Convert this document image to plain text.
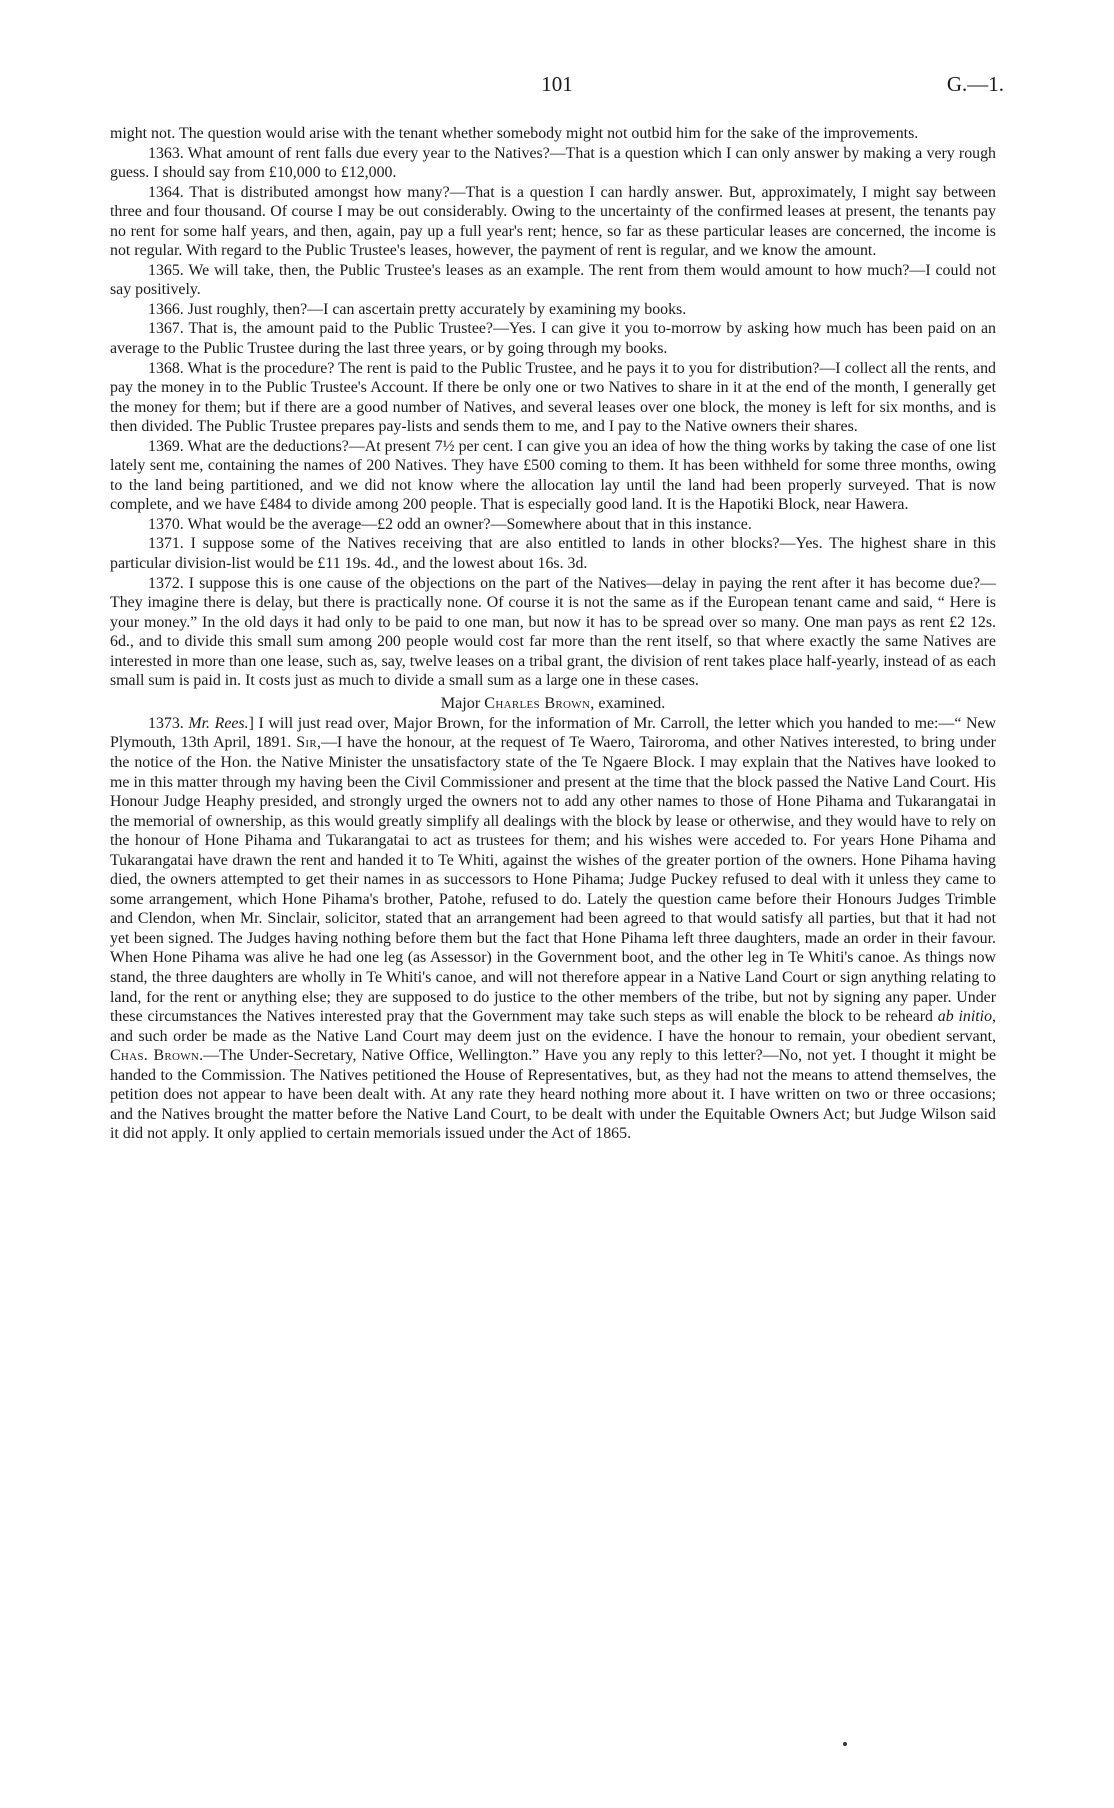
101	G.—1.

might not. The question would arise with the tenant whether somebody might not outbid him for the sake of the improvements.

1363. What amount of rent falls due every year to the Natives?—That is a question which I can only answer by making a very rough guess. I should say from £10,000 to £12,000.

1364. That is distributed amongst how many?—That is a question I can hardly answer. But, approximately, I might say between three and four thousand. Of course I may be out considerably. Owing to the uncertainty of the confirmed leases at present, the tenants pay no rent for some half years, and then, again, pay up a full year's rent; hence, so far as these particular leases are concerned, the income is not regular. With regard to the Public Trustee's leases, however, the payment of rent is regular, and we know the amount.

1365. We will take, then, the Public Trustee's leases as an example. The rent from them would amount to how much?—I could not say positively.

1366. Just roughly, then?—I can ascertain pretty accurately by examining my books.

1367. That is, the amount paid to the Public Trustee?—Yes. I can give it you to-morrow by asking how much has been paid on an average to the Public Trustee during the last three years, or by going through my books.

1368. What is the procedure? The rent is paid to the Public Trustee, and he pays it to you for distribution?—I collect all the rents, and pay the money in to the Public Trustee's Account. If there be only one or two Natives to share in it at the end of the month, I generally get the money for them; but if there are a good number of Natives, and several leases over one block, the money is left for six months, and is then divided. The Public Trustee prepares pay-lists and sends them to me, and I pay to the Native owners their shares.

1369. What are the deductions?—At present 7½ per cent. I can give you an idea of how the thing works by taking the case of one list lately sent me, containing the names of 200 Natives. They have £500 coming to them. It has been withheld for some three months, owing to the land being partitioned, and we did not know where the allocation lay until the land had been properly surveyed. That is now complete, and we have £484 to divide among 200 people. That is especially good land. It is the Hapotiki Block, near Hawera.

1370. What would be the average—£2 odd an owner?—Somewhere about that in this instance.

1371. I suppose some of the Natives receiving that are also entitled to lands in other blocks?—Yes. The highest share in this particular division-list would be £11 19s. 4d., and the lowest about 16s. 3d.

1372. I suppose this is one cause of the objections on the part of the Natives—delay in paying the rent after it has become due?—They imagine there is delay, but there is practically none. Of course it is not the same as if the European tenant came and said, “ Here is your money.” In the old days it had only to be paid to one man, but now it has to be spread over so many. One man pays as rent £2 12s. 6d., and to divide this small sum among 200 people would cost far more than the rent itself, so that where exactly the same Natives are interested in more than one lease, such as, say, twelve leases on a tribal grant, the division of rent takes place half-yearly, instead of as each small sum is paid in. It costs just as much to divide a small sum as a large one in these cases.

Major Charles Brown, examined.

1373. Mr. Rees.] I will just read over, Major Brown, for the information of Mr. Carroll, the letter which you handed to me:—“ New Plymouth, 13th April, 1891. Sir,—I have the honour, at the request of Te Waero, Tairoroma, and other Natives interested, to bring under the notice of the Hon. the Native Minister the unsatisfactory state of the Te Ngaere Block. I may explain that the Natives have looked to me in this matter through my having been the Civil Commissioner and present at the time that the block passed the Native Land Court. His Honour Judge Heaphy presided, and strongly urged the owners not to add any other names to those of Hone Pihama and Tukarangatai in the memorial of ownership, as this would greatly simplify all dealings with the block by lease or otherwise, and they would have to rely on the honour of Hone Pihama and Tukarangatai to act as trustees for them; and his wishes were acceded to. For years Hone Pihama and Tukarangatai have drawn the rent and handed it to Te Whiti, against the wishes of the greater portion of the owners. Hone Pihama having died, the owners attempted to get their names in as successors to Hone Pihama; Judge Puckey refused to deal with it unless they came to some arrangement, which Hone Pihama's brother, Patohe, refused to do. Lately the question came before their Honours Judges Trimble and Clendon, when Mr. Sinclair, solicitor, stated that an arrangement had been agreed to that would satisfy all parties, but that it had not yet been signed. The Judges having nothing before them but the fact that Hone Pihama left three daughters, made an order in their favour. When Hone Pihama was alive he had one leg (as Assessor) in the Government boot, and the other leg in Te Whiti's canoe. As things now stand, the three daughters are wholly in Te Whiti's canoe, and will not therefore appear in a Native Land Court or sign anything relating to land, for the rent or anything else; they are supposed to do justice to the other members of the tribe, but not by signing any paper. Under these circumstances the Natives interested pray that the Government may take such steps as will enable the block to be reheard ab initio, and such order be made as the Native Land Court may deem just on the evidence. I have the honour to remain, your obedient servant, Chas. Brown.—The Under-Secretary, Native Office, Wellington.” Have you any reply to this letter?—No, not yet. I thought it might be handed to the Commission. The Natives petitioned the House of Representatives, but, as they had not the means to attend themselves, the petition does not appear to have been dealt with. At any rate they heard nothing more about it. I have written on two or three occasions; and the Natives brought the matter before the Native Land Court, to be dealt with under the Equitable Owners Act; but Judge Wilson said it did not apply. It only applied to certain memorials issued under the Act of 1865.
